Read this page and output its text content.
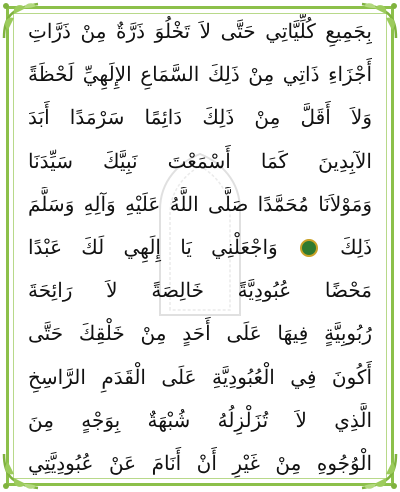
بِجَمِيعِ كُلِّيَّاتِي حَتَّى لاَ تَخْلُوَ ذَرَّةٌ مِنْ ذَرَّاتِ
أَجْزَاءِ ذَاتِي مِنْ ذَلِكَ السَّمَاعِ الإِلَهِيِّ لَحْظَةً
وَلاَ أَقَلَّ مِنْ ذَلِكَ دَائِمًا سَرْمَدًا أَبَدَ
الآبِدِينَ كَمَا أَسْمَعْتَ نَبِيَّكَ سَيِّدَنَا
وَمَوْلاَنَا مُحَمَّدًا صَلَّى اللَّهُ عَلَيْهِ وَآلِهِ وَسَلَّمَ
ذَلِكَ  وَاجْعَلْنِي يَا إِلَهِي لَكَ عَبْدًا
مَحْضًا عُبُودِيَّةً خَالِصَةً لاَ رَائِحَةَ
رُبُوبِيَّةٍ فِيهَا عَلَى أَحَدٍ مِنْ خَلْقِكَ حَتَّى
أَكُونَ فِي الْعُبُودِيَّةِ عَلَى الْقَدَمِ الرَّاسِخِ
الَّذِي لاَ تُزَلْزِلُهُ شُبْهَةٌ بِوَجْهٍ مِنَ
الْوُجُوهِ مِنْ غَيْرِ أَنْ أَنَامَ عَنْ عُبُودِيَّتِي
